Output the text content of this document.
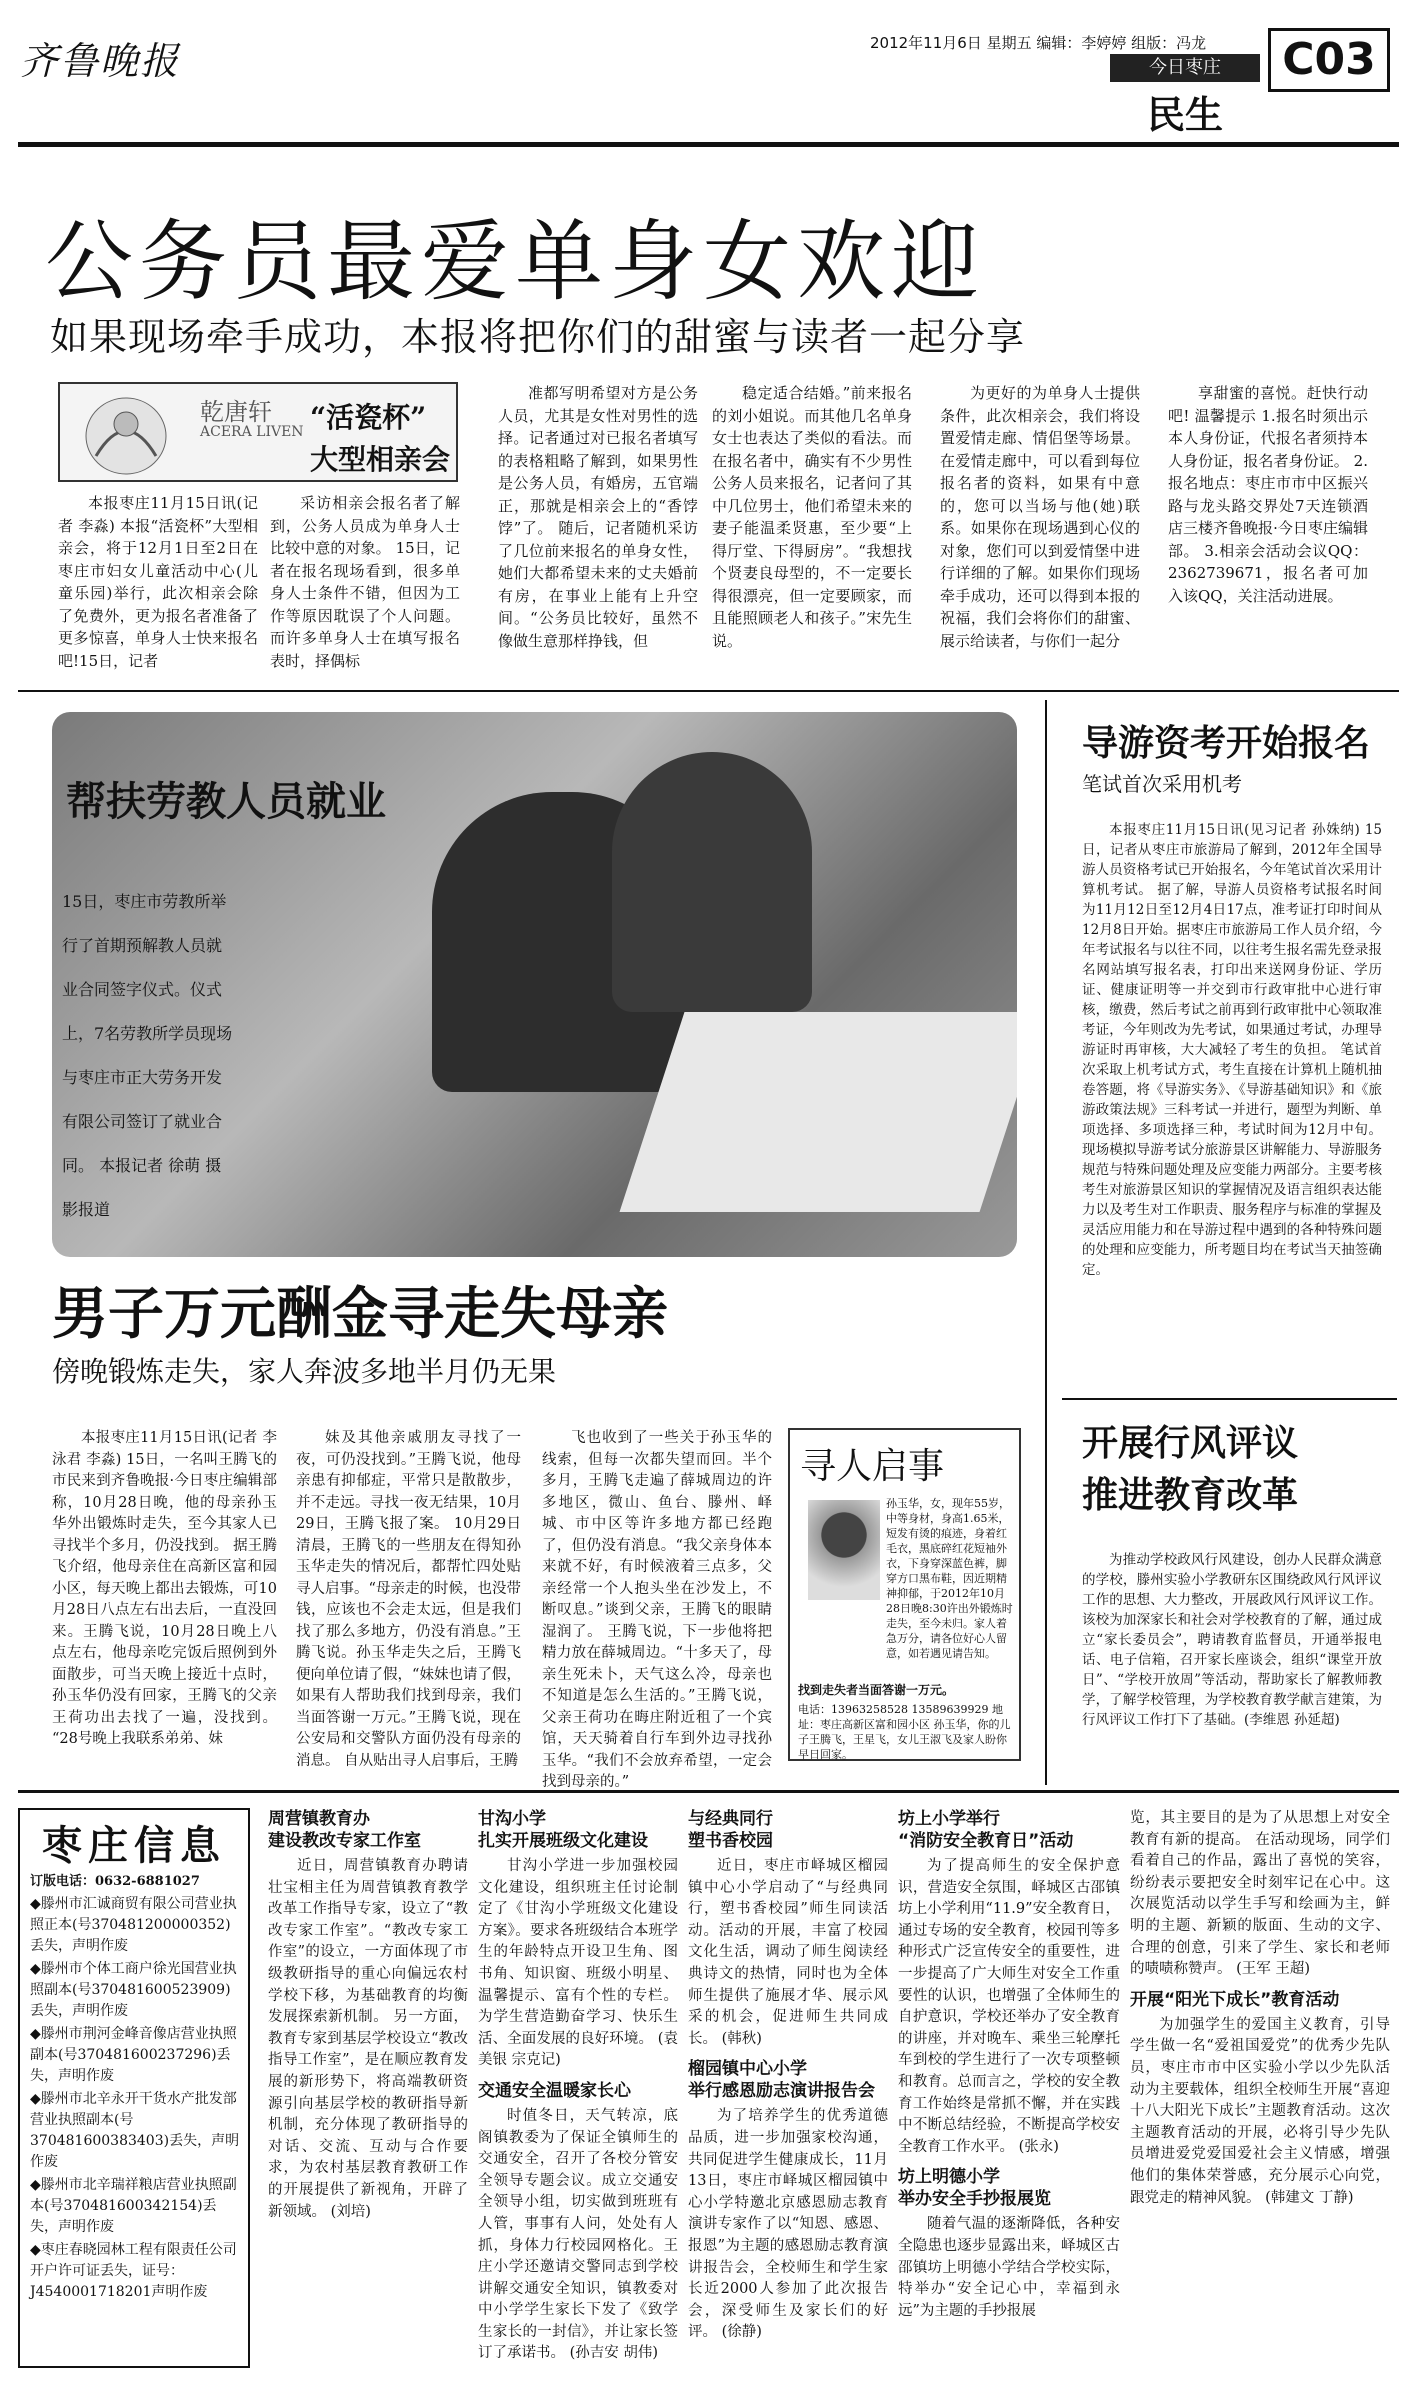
齐鲁晚报	2012年11月6日 星期五 编辑：李婷婷 组版：冯龙
今日枣庄
民生
C03
公务员最爱单身女欢迎
如果现场牵手成功，本报将把你们的甜蜜与读者一起分享
乾唐轩
ACERA LIVEN “活瓷杯”
大型相亲会

本报枣庄11月15日讯(记者 李淼) 本报“活瓷杯”大型相亲会，将于12月1日至2日在枣庄市妇女儿童活动中心(儿童乐园)举行，此次相亲会除了免费外，更为报名者准备了更多惊喜，单身人士快来报名吧!15日，记者

采访相亲会报名者了解到，公务人员成为单身人士比较中意的对象。 15日，记者在报名现场看到，很多单身人士条件不错，但因为工作等原因耽误了个人问题。而许多单身人士在填写报名表时，择偶标

准都写明希望对方是公务人员，尤其是女性对男性的选择。记者通过对已报名者填写的表格粗略了解到，如果男性是公务人员，有婚房，五官端正，那就是相亲会上的“香饽饽”了。 随后，记者随机采访了几位前来报名的单身女性，她们大都希望未来的丈夫婚前有房，在事业上能有上升空间。“公务员比较好，虽然不像做生意那样挣钱，但

稳定适合结婚。”前来报名的刘小姐说。而其他几名单身女士也表达了类似的看法。而在报名者中，确实有不少男性公务人员来报名，记者问了其中几位男士，他们希望未来的妻子能温柔贤惠，至少要“上得厅堂、下得厨房”。“我想找个贤妻良母型的，不一定要长得很漂亮，但一定要顾家，而且能照顾老人和孩子。”宋先生说。

为更好的为单身人士提供条件，此次相亲会，我们将设置爱情走廊、情侣堡等场景。在爱情走廊中，可以看到每位报名者的资料，如果有中意的，您可以当场与他(她)联系。如果你在现场遇到心仪的对象，您们可以到爱情堡中进行详细的了解。如果你们现场牵手成功，还可以得到本报的祝福，我们会将你们的甜蜜、展示给读者，与你们一起分

享甜蜜的喜悦。赶快行动吧! 温馨提示 1.报名时须出示本人身份证，代报名者须持本人身份证，报名者身份证。 2.报名地点：枣庄市市中区振兴路与龙头路交界处7天连锁酒店三楼齐鲁晚报·今日枣庄编辑部。 3.相亲会活动会议QQ：2362739671，报名者可加入该QQ，关注活动进展。

帮扶劳教人员就业
15日，枣庄市劳教所举行了首期预解教人员就业合同签字仪式。仪式上，7名劳教所学员现场与枣庄市正大劳务开发有限公司签订了就业合同。 本报记者 徐萌 摄影报道
男子万元酬金寻走失母亲
傍晚锻炼走失，家人奔波多地半月仍无果

本报枣庄11月15日讯(记者 李泳君 李淼) 15日，一名叫王腾飞的市民来到齐鲁晚报·今日枣庄编辑部称，10月28日晚，他的母亲孙玉华外出锻炼时走失，至今其家人已寻找半个多月，仍没找到。 据王腾飞介绍，他母亲住在高新区富和园小区，每天晚上都出去锻炼，可10月28日八点左右出去后，一直没回来。王腾飞说，10月28日晚上八点左右，他母亲吃完饭后照例到外面散步，可当天晚上接近十点时，孙玉华仍没有回家，王腾飞的父亲王荷功出去找了一遍，没找到。 “28号晚上我联系弟弟、妹

妹及其他亲戚朋友寻找了一夜，可仍没找到。”王腾飞说，他母亲患有抑郁症，平常只是散散步，并不走远。寻找一夜无结果，10月29日，王腾飞报了案。 10月29日清晨，王腾飞的一些朋友在得知孙玉华走失的情况后，都帮忙四处贴寻人启事。“母亲走的时候，也没带钱，应该也不会走太远，但是我们找了那么多地方，仍没有消息。”王腾飞说。孙玉华走失之后，王腾飞便向单位请了假，“妹妹也请了假，如果有人帮助我们找到母亲，我们当面答谢一万元。”王腾飞说，现在公安局和交警队方面仍没有母亲的消息。 自从贴出寻人启事后，王腾

飞也收到了一些关于孙玉华的线索，但每一次都失望而回。半个多月，王腾飞走遍了薛城周边的许多地区，微山、鱼台、滕州、峄城、市中区等许多地方都已经跑了，但仍没有消息。“我父亲身体本来就不好，有时候液着三点多，父亲经常一个人抱头坐在沙发上，不断叹息。”谈到父亲，王腾飞的眼睛湿润了。 王腾飞说，下一步他将把精力放在薛城周边。“十多天了，母亲生死未卜，天气这么冷，母亲也不知道是怎么生活的。”王腾飞说，父亲王荷功在晦庄附近租了一个宾馆，天天骑着自行车到外边寻找孙玉华。“我们不会放弃希望，一定会找到母亲的。”

寻人启事
孙玉华，女，现年55岁，中等身材，身高1.65米，短发有烫的痕迹，身着红毛衣，黑底碎红花短袖外衣，下身穿深蓝色裤，脚穿方口黑布鞋，因近期精神抑郁，于2012年10月28日晚8:30许出外锻炼时走失，至今未归。家人着急万分，请各位好心人留意，如若遇见请告知。
找到走失者当面答谢一万元。
电话：13963258528 13589639929 地址：枣庄高新区富和园小区 孙玉华，你的儿子王腾飞，王星飞，女儿王淑飞及家人盼你早日回家。
导游资考开始报名
笔试首次采用机考

本报枣庄11月15日讯(见习记者 孙姝纳) 15日，记者从枣庄市旅游局了解到，2012年全国导游人员资格考试已开始报名，今年笔试首次采用计算机考试。 据了解，导游人员资格考试报名时间为11月12日至12月4日17点，准考证打印时间从12月8日开始。据枣庄市旅游局工作人员介绍，今年考试报名与以往不同，以往考生报名需先登录报名网站填写报名表，打印出来送网身份证、学历证、健康证明等一并交到市行政审批中心进行审核，缴费，然后考试之前再到行政审批中心领取准考证，今年则改为先考试，如果通过考试，办理导游证时再审核，大大减轻了考生的负担。 笔试首次采取上机考试方式，考生直接在计算机上随机抽卷答题，将《导游实务》、《导游基础知识》和《旅游政策法规》三科考试一并进行，题型为判断、单项选择、多项选择三种，考试时间为12月中旬。 现场模拟导游考试分旅游景区讲解能力、导游服务规范与特殊问题处理及应变能力两部分。主要考核考生对旅游景区知识的掌握情况及语言组织表达能力以及考生对工作职责、服务程序与标准的掌握及灵活应用能力和在导游过程中遇到的各种特殊问题的处理和应变能力，所考题目均在考试当天抽签确定。

开展行风评议
推进教育改革

为推动学校政风行风建设，创办人民群众满意的学校，滕州实验小学教研东区围绕政风行风评议工作的思想、大力整改，开展政风行风评议工作。 该校为加深家长和社会对学校教育的了解，通过成立“家长委员会”，聘请教育监督员，开通举报电话、电子信箱，召开家长座谈会，组织“课堂开放日”、“学校开放周”等活动，帮助家长了解教师教学，了解学校管理，为学校教育教学献言建策，为行风评议工作打下了基础。(李维恩 孙延超)

枣庄信息
订版电话：0632-6881027
◆滕州市汇诚商贸有限公司营业执照正本(号370481200000352)丢失，声明作废
◆滕州市个体工商户徐光国营业执照副本(号370481600523909)丢失，声明作废
◆滕州市荆河金峰音像店营业执照副本(号370481600237296)丢失，声明作废
◆滕州市北辛永开干货水产批发部营业执照副本(号370481600383403)丢失，声明作废
◆滕州市北辛瑞祥粮店营业执照副本(号370481600342154)丢失，声明作废
◆枣庄春晓园林工程有限责任公司开户许可证丢失，证号：J4540001718201声明作废
周营镇教育办
建设教改专家工作室

近日，周营镇教育办聘请壮宝相主任为周营镇教育教学改革工作指导专家，设立了“教改专家工作室”。“教改专家工作室”的设立，一方面体现了市级教研指导的重心向偏远农村学校下移，为基础教育的均衡发展探索新机制。 另一方面，教育专家到基层学校设立“教改指导工作室”，是在顺应教育发展的新形势下，将高端教研资源引向基层学校的教研指导新机制，充分体现了教研指导的对话、交流、互动与合作要求，为农村基层教育教研工作的开展提供了新视角，开辟了新领域。 (刘培)

甘沟小学
扎实开展班级文化建设

甘沟小学进一步加强校园文化建设，组织班主任讨论制定了《甘沟小学班级文化建设方案》。要求各班级结合本班学生的年龄特点开设卫生角、图书角、知识窗、班级小明星、温馨提示、富有个性的专栏。为学生营造勤奋学习、快乐生活、全面发展的良好环境。 (袁美银 宗克记)

交通安全温暖家长心

时值冬日，天气转凉，底阁镇教委为了保证全镇师生的交通安全，召开了各校分管安全领导专题会议。成立交通安全领导小组，切实做到班班有人管，事事有人问，处处有人抓，身体力行校园网格化。王庄小学还邀请交警同志到学校讲解交通安全知识，镇教委对中小学学生家长下发了《致学生家长的一封信》，并让家长签订了承诺书。 (孙吉安 胡伟)

与经典同行
塑书香校园

近日，枣庄市峄城区榴园镇中心小学启动了“与经典同行，塑书香校园”师生同读活动。活动的开展，丰富了校园文化生活，调动了师生阅读经典诗文的热情，同时也为全体师生提供了施展才华、展示风采的机会，促进师生共同成长。 (韩秋)

榴园镇中心小学
举行感恩励志演讲报告会

为了培养学生的优秀道德品质，进一步加强家校沟通，共同促进学生健康成长，11月13日，枣庄市峄城区榴园镇中心小学特邀北京感恩励志教育演讲专家作了以“知恩、感恩、报恩”为主题的感恩励志教育演讲报告会，全校师生和学生家长近2000人参加了此次报告会，深受师生及家长们的好评。 (徐静)

坊上小学举行
“消防安全教育日”活动

为了提高师生的安全保护意识，营造安全氛围，峄城区古邵镇坊上小学利用“11.9”安全教育日，通过专场的安全教育，校园刊等多种形式广泛宣传安全的重要性，进一步提高了广大师生对安全工作重要性的认识，也增强了全体师生的自护意识，学校还举办了安全教育的讲座，并对晚车、乘坐三轮摩托车到校的学生进行了一次专项整顿和教育。总而言之，学校的安全教育工作始终是常抓不懈，并在实践中不断总结经验，不断提高学校安全教育工作水平。 (张永)

坊上明德小学
举办安全手抄报展览

随着气温的逐渐降低，各种安全隐患也逐步显露出来，峄城区古邵镇坊上明德小学结合学校实际，特举办“安全记心中，幸福到永远”为主题的手抄报展

览，其主要目的是为了从思想上对安全教育有新的提高。 在活动现场，同学们看着自己的作品，露出了喜悦的笑容，纷纷表示要把安全时刻牢记在心中。这次展览活动以学生手写和绘画为主，鲜明的主题、新颖的版面、生动的文字、合理的创意，引来了学生、家长和老师的啧啧称赞声。 (王军 王超)

开展“阳光下成长”教育活动

为加强学生的爱国主义教育，引导学生做一名“爱祖国爱党”的优秀少先队员，枣庄市市中区实验小学以少先队活动为主要载体，组织全校师生开展“喜迎十八大阳光下成长”主题教育活动。这次主题教育活动的开展，必将引导少先队员增进爱党爱国爱社会主义情感，增强他们的集体荣誉感，充分展示心向党，跟党走的精神风貌。 (韩建文 丁静)
